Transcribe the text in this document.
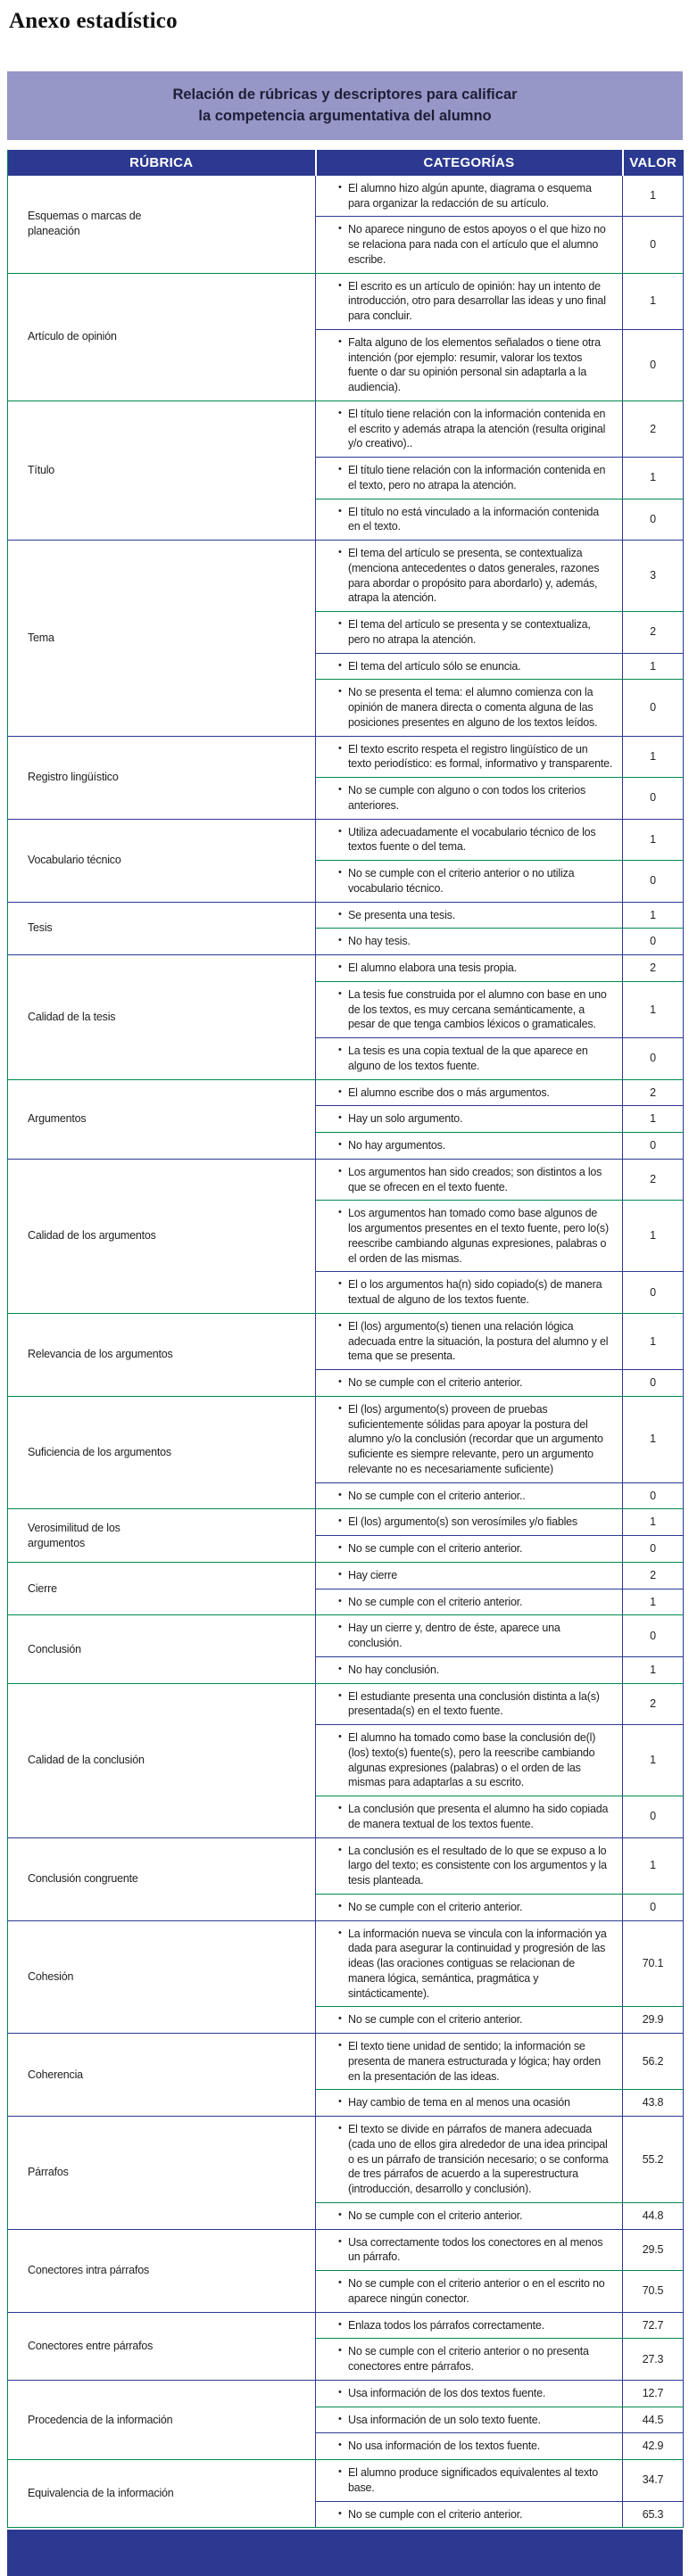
Anexo estadístico
Relación de rúbricas y descriptores para calificar
la competencia argumentativa del alumno
RÚBRICA	CATEGORÍAS	VALOR
Esquemas o marcas de planeación	• El alumno hizo algún apunte, diagrama o esquema para organizar la redacción de su artículo.	1

	• No aparece ninguno de estos apoyos o el que hizo no se relaciona para nada con el artículo que el alumno escribe.	0
Artículo de opinión	• El escrito es un artículo de opinión: hay un intento de introducción, otro para desarrollar las ideas y uno final para concluir.	1

	• Falta alguno de los elementos señalados o tiene otra intención (por ejemplo: resumir, valorar los textos fuente o dar su opinión personal sin adaptarla a la audiencia).	0
Título	• El título tiene relación con la información contenida en el escrito y además atrapa la atención (resulta original y/o creativo)..	2

	• El título tiene relación con la información contenida en el texto, pero no atrapa la atención.	1

	• El título no está vinculado a la información contenida en el texto.	0
Tema	• El tema del artículo se presenta, se contextualiza (menciona antecedentes o datos generales, razones para abordar o propósito para abordarlo) y, además, atrapa la atención.	3

	• El tema del artículo se presenta y se contextualiza, pero no atrapa la atención.	2

	• El tema del artículo sólo se enuncia.	1

	• No se presenta el tema: el alumno comienza con la opinión de manera directa o comenta alguna de las posiciones presentes en alguno de los textos leídos.	0
Registro lingüístico	• El texto escrito respeta el registro lingüístico de un texto periodístico: es formal, informativo y transparente.	1

	• No se cumple con alguno o con todos los criterios anteriores.	0
Vocabulario técnico	• Utiliza adecuadamente el vocabulario técnico de los textos fuente o del tema.	1

	• No se cumple con el criterio anterior o no utiliza vocabulario técnico.	0
Tesis	• Se presenta una tesis.	1

	• No hay tesis.	0
Calidad de la tesis	• El alumno elabora una tesis propia.	2

	• La tesis fue construida por el alumno con base en uno de los textos, es muy cercana semánticamente, a pesar de que tenga cambios léxicos o gramaticales.	1

	• La tesis es una copia textual de la que aparece en alguno de los textos fuente.	0
Argumentos	• El alumno escribe dos o más argumentos.	2

	• Hay un solo argumento.	1

	• No hay argumentos.	0
Calidad de los argumentos	• Los argumentos han sido creados; son distintos a los que se ofrecen en el texto fuente.	2

	• Los argumentos han tomado como base algunos de los argumentos presentes en el texto fuente, pero lo(s) reescribe cambiando algunas expresiones, palabras o el orden de las mismas.	1

	• El o los argumentos ha(n) sido copiado(s) de manera textual de alguno de los textos fuente.	0
Relevancia de los argumentos	• El (los) argumento(s) tienen una relación lógica adecuada entre la situación, la postura del alumno y el tema que se presenta.	1

	• No se cumple con el criterio anterior.	0
Suficiencia de los argumentos	• El (los) argumento(s) proveen de pruebas suficientemente sólidas para apoyar la postura del alumno y/o la conclusión (recordar que un argumento suficiente es siempre relevante, pero un argumento relevante no es necesariamente suficiente)	1

	• No se cumple con el criterio anterior..	0
Verosimilitud de los argumentos	• El (los) argumento(s) son verosímiles y/o fiables	1

	• No se cumple con el criterio anterior.	0
Cierre	• Hay cierre	2

	• No se cumple con el criterio anterior.	1
Conclusión	• Hay un cierre y, dentro de éste, aparece una conclusión.	0

	• No hay conclusión.	1
Calidad de la conclusión	• El estudiante presenta una conclusión distinta a la(s) presentada(s) en el texto fuente.	2

	• El alumno ha tomado como base la conclusión de(l) (los) texto(s) fuente(s), pero la reescribe cambiando algunas expresiones (palabras) o el orden de las mismas para adaptarlas a su escrito.	1

	• La conclusión que presenta el alumno ha sido copiada de manera textual de los textos fuente.	0
Conclusión congruente	• La conclusión es el resultado de lo que se expuso a lo largo del texto; es consistente con los argumentos y la tesis planteada.	1

	• No se cumple con el criterio anterior.	0
Cohesión	• La información nueva se vincula con la información ya dada para asegurar la continuidad y progresión de las ideas (las oraciones contiguas se relacionan de manera lógica, semántica, pragmática y sintácticamente).	70.1

	• No se cumple con el criterio anterior.	29.9
Coherencia	• El texto tiene unidad de sentido; la información se presenta de manera estructurada y lógica; hay orden en la presentación de las ideas.	56.2

	• Hay cambio de tema en al menos una ocasión	43.8
Párrafos	• El texto se divide en párrafos de manera adecuada (cada uno de ellos gira alrededor de una idea principal o es un párrafo de transición necesario; o se conforma de tres párrafos de acuerdo a la superestructura (introducción, desarrollo y conclusión).	55.2

	• No se cumple con el criterio anterior.	44.8
Conectores intra párrafos	• Usa correctamente todos los conectores en al menos un párrafo.	29.5

	• No se cumple con el criterio anterior o en el escrito no aparece ningún conector.	70.5
Conectores entre párrafos	• Enlaza todos los párrafos correctamente.	72.7

	• No se cumple con el criterio anterior o no presenta conectores entre párrafos.	27.3
Procedencia de la información	• Usa información de los dos textos fuente.	12.7

	• Usa información de un solo texto fuente.	44.5

	• No usa información de los textos fuente.	42.9
Equivalencia de la información	• El alumno produce significados equivalentes al texto base.	34.7

	• No se cumple con el criterio anterior.	65.3
